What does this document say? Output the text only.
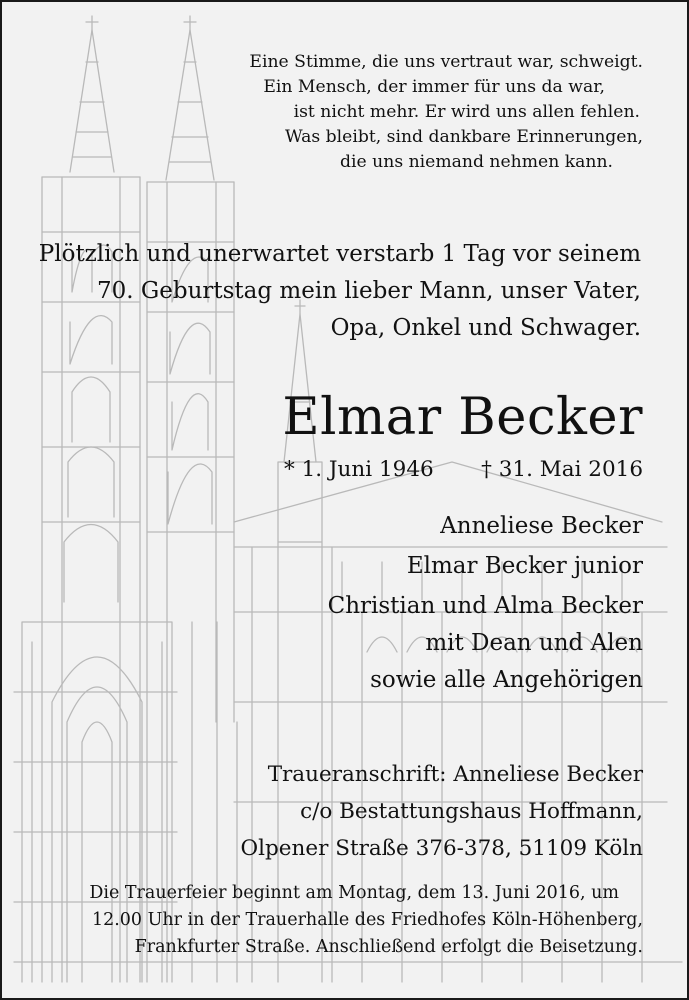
Eine Stimme, die uns vertraut war, schweigt.
Ein Mensch, der immer für uns da war,
ist nicht mehr. Er wird uns allen fehlen.
Was bleibt, sind dankbare Erinnerungen,
die uns niemand nehmen kann.
Plötzlich und unerwartet verstarb 1 Tag vor seinem
70. Geburtstag mein lieber Mann, unser Vater,
Opa, Onkel und Schwager.
Elmar Becker
* 1. Juni 1946 † 31. Mai 2016
Anneliese Becker
Elmar Becker junior
Christian und Alma Becker
mit Dean und Alen
sowie alle Angehörigen
Traueranschrift: Anneliese Becker
c/o Bestattungshaus Hoffmann,
Olpener Straße 376-378, 51109 Köln
Die Trauerfeier beginnt am Montag, dem 13. Juni 2016, um
12.00 Uhr in der Trauerhalle des Friedhofes Köln-Höhenberg,
Frankfurter Straße. Anschließend erfolgt die Beisetzung.
